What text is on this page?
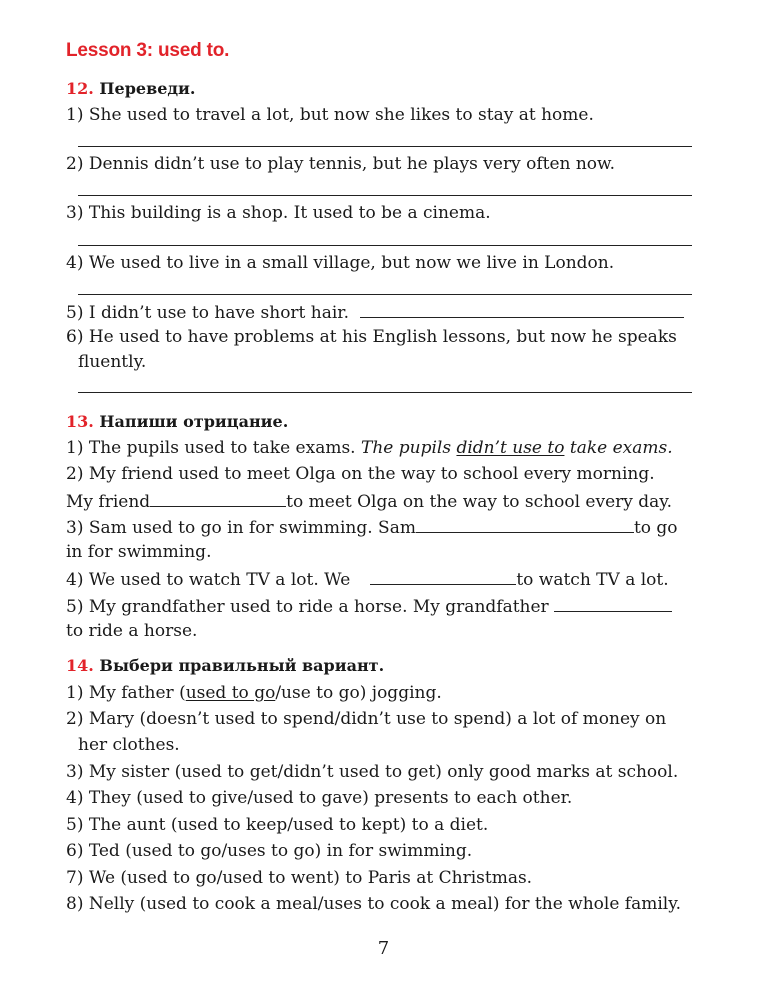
Lesson 3: used to.
12. Переведи.
1) She used to travel a lot, but now she likes to stay at home.
2) Dennis didn’t use to play tennis, but he plays very often now.
3) This building is a shop. It used to be a cinema.
4) We used to live in a small village, but now we live in London.
5) I didn’t use to have short hair.
6) He used to have problems at his English lessons, but now he speaks
fluently.
13. Напиши отрицание.
1) The pupils used to take exams. The pupils didn’t use to take exams.
2) My friend used to meet Olga on the way to school every morning.
My friend	to meet Olga on the way to school every day.
3) Sam used to go in for swimming. Sam	to go
in for swimming.
4) We used to watch TV a lot. We	to watch TV a lot.
5) My grandfather used to ride a horse. My grandfather
to ride a horse.
14. Выбери правильный вариант.
1) My father (used to go/use to go) jogging.
2) Mary (doesn’t used to spend/didn’t use to spend) a lot of money on
her clothes.
3) My sister (used to get/didn’t used to get) only good marks at school.
4) They (used to give/used to gave) presents to each other.
5) The aunt (used to keep/used to kept) to a diet.
6) Ted (used to go/uses to go) in for swimming.
7) We (used to go/used to went) to Paris at Christmas.
8) Nelly (used to cook a meal/uses to cook a meal) for the whole family.
7
